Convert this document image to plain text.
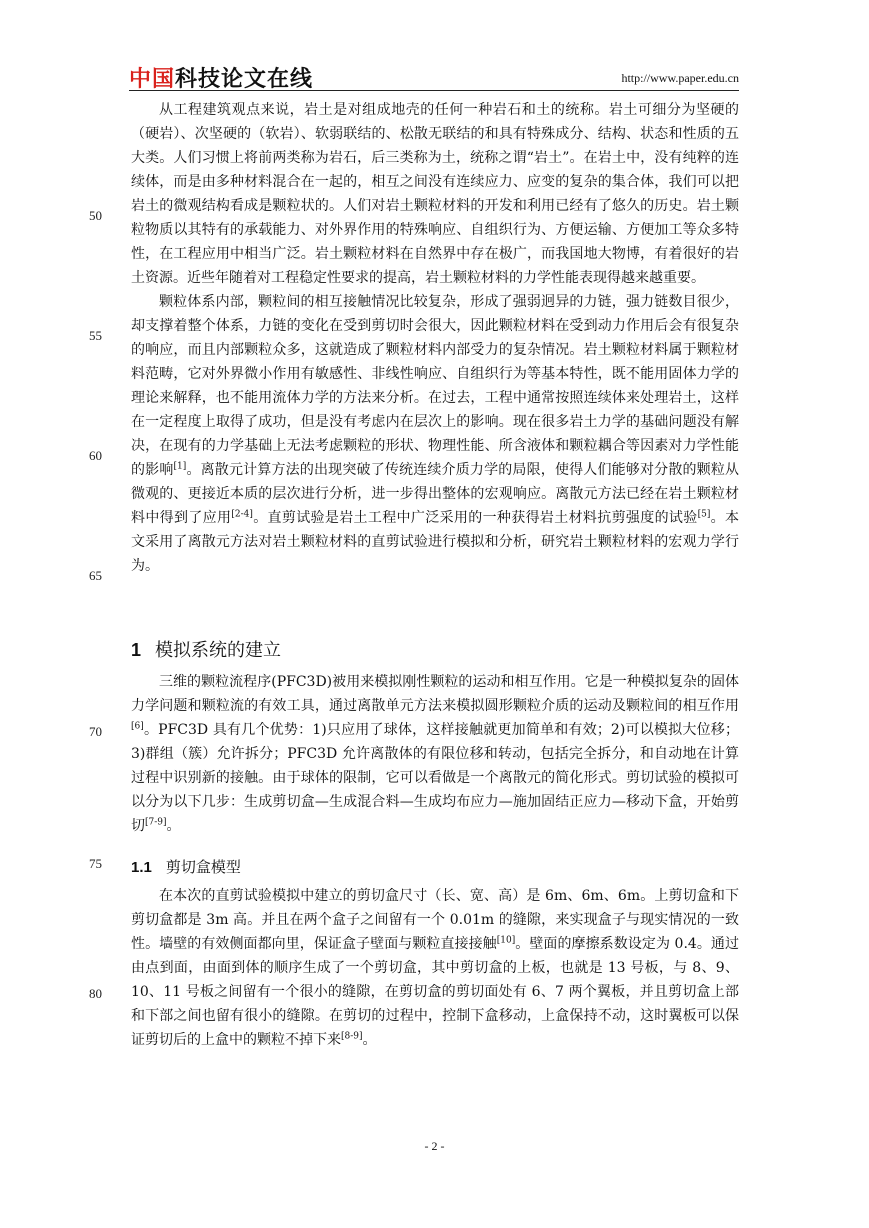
中国科技论文在线	http://www.paper.edu.cn

从工程建筑观点来说，岩土是对组成地壳的任何一种岩石和土的统称。岩土可细分为坚硬的（硬岩）、次坚硬的（软岩）、软弱联结的、松散无联结的和具有特殊成分、结构、状态和性质的五大类。人们习惯上将前两类称为岩石，后三类称为土，统称之谓“岩土”。在岩土中，没有纯粹的连续体，而是由多种材料混合在一起的，相互之间没有连续应力、应变的复杂的集合体，我们可以把岩土的微观结构看成是颗粒状的。人们对岩土颗粒材料的开发和利用已经有了悠久的历史。岩土颗粒物质以其特有的承载能力、对外界作用的特殊响应、自组织行为、方便运输、方便加工等众多特性，在工程应用中相当广泛。岩土颗粒材料在自然界中存在极广，而我国地大物博，有着很好的岩土资源。近些年随着对工程稳定性要求的提高，岩土颗粒材料的力学性能表现得越来越重要。

颗粒体系内部，颗粒间的相互接触情况比较复杂，形成了强弱迥异的力链，强力链数目很少，却支撑着整个体系，力链的变化在受到剪切时会很大，因此颗粒材料在受到动力作用后会有很复杂的响应，而且内部颗粒众多，这就造成了颗粒材料内部受力的复杂情况。岩土颗粒材料属于颗粒材料范畴，它对外界微小作用有敏感性、非线性响应、自组织行为等基本特性，既不能用固体力学的理论来解释，也不能用流体力学的方法来分析。在过去，工程中通常按照连续体来处理岩土，这样在一定程度上取得了成功，但是没有考虑内在层次上的影响。现在很多岩土力学的基础问题没有解决，在现有的力学基础上无法考虑颗粒的形状、物理性能、所含液体和颗粒耦合等因素对力学性能的影响[1]。离散元计算方法的出现突破了传统连续介质力学的局限，使得人们能够对分散的颗粒从微观的、更接近本质的层次进行分析，进一步得出整体的宏观响应。离散元方法已经在岩土颗粒材料中得到了应用[2-4]。直剪试验是岩土工程中广泛采用的一种获得岩土材料抗剪强度的试验[5]。本文采用了离散元方法对岩土颗粒材料的直剪试验进行模拟和分析，研究岩土颗粒材料的宏观力学行为。

1 模拟系统的建立

三维的颗粒流程序(PFC3D)被用来模拟刚性颗粒的运动和相互作用。它是一种模拟复杂的固体力学问题和颗粒流的有效工具，通过离散单元方法来模拟圆形颗粒介质的运动及颗粒间的相互作用[6]。PFC3D 具有几个优势：1)只应用了球体，这样接触就更加简单和有效；2)可以模拟大位移；3)群组（簇）允许拆分；PFC3D 允许离散体的有限位移和转动，包括完全拆分，和自动地在计算过程中识别新的接触。由于球体的限制，它可以看做是一个离散元的简化形式。剪切试验的模拟可以分为以下几步：生成剪切盒—生成混合料—生成均布应力—施加固结正应力—移动下盒，开始剪切[7-9]。

1.1 剪切盒模型

在本次的直剪试验模拟中建立的剪切盒尺寸（长、宽、高）是 6m、6m、6m。上剪切盒和下剪切盒都是 3m 高。并且在两个盒子之间留有一个 0.01m 的缝隙，来实现盒子与现实情况的一致性。墙壁的有效侧面都向里，保证盒子壁面与颗粒直接接触[10]。壁面的摩擦系数设定为 0.4。通过由点到面，由面到体的顺序生成了一个剪切盒，其中剪切盒的上板，也就是 13 号板，与 8、9、10、11 号板之间留有一个很小的缝隙，在剪切盒的剪切面处有 6、7 两个翼板，并且剪切盒上部和下部之间也留有很小的缝隙。在剪切的过程中，控制下盒移动，上盒保持不动，这时翼板可以保证剪切后的上盒中的颗粒不掉下来[8-9]。

50
55
60
65
70
75
80
- 2 -
